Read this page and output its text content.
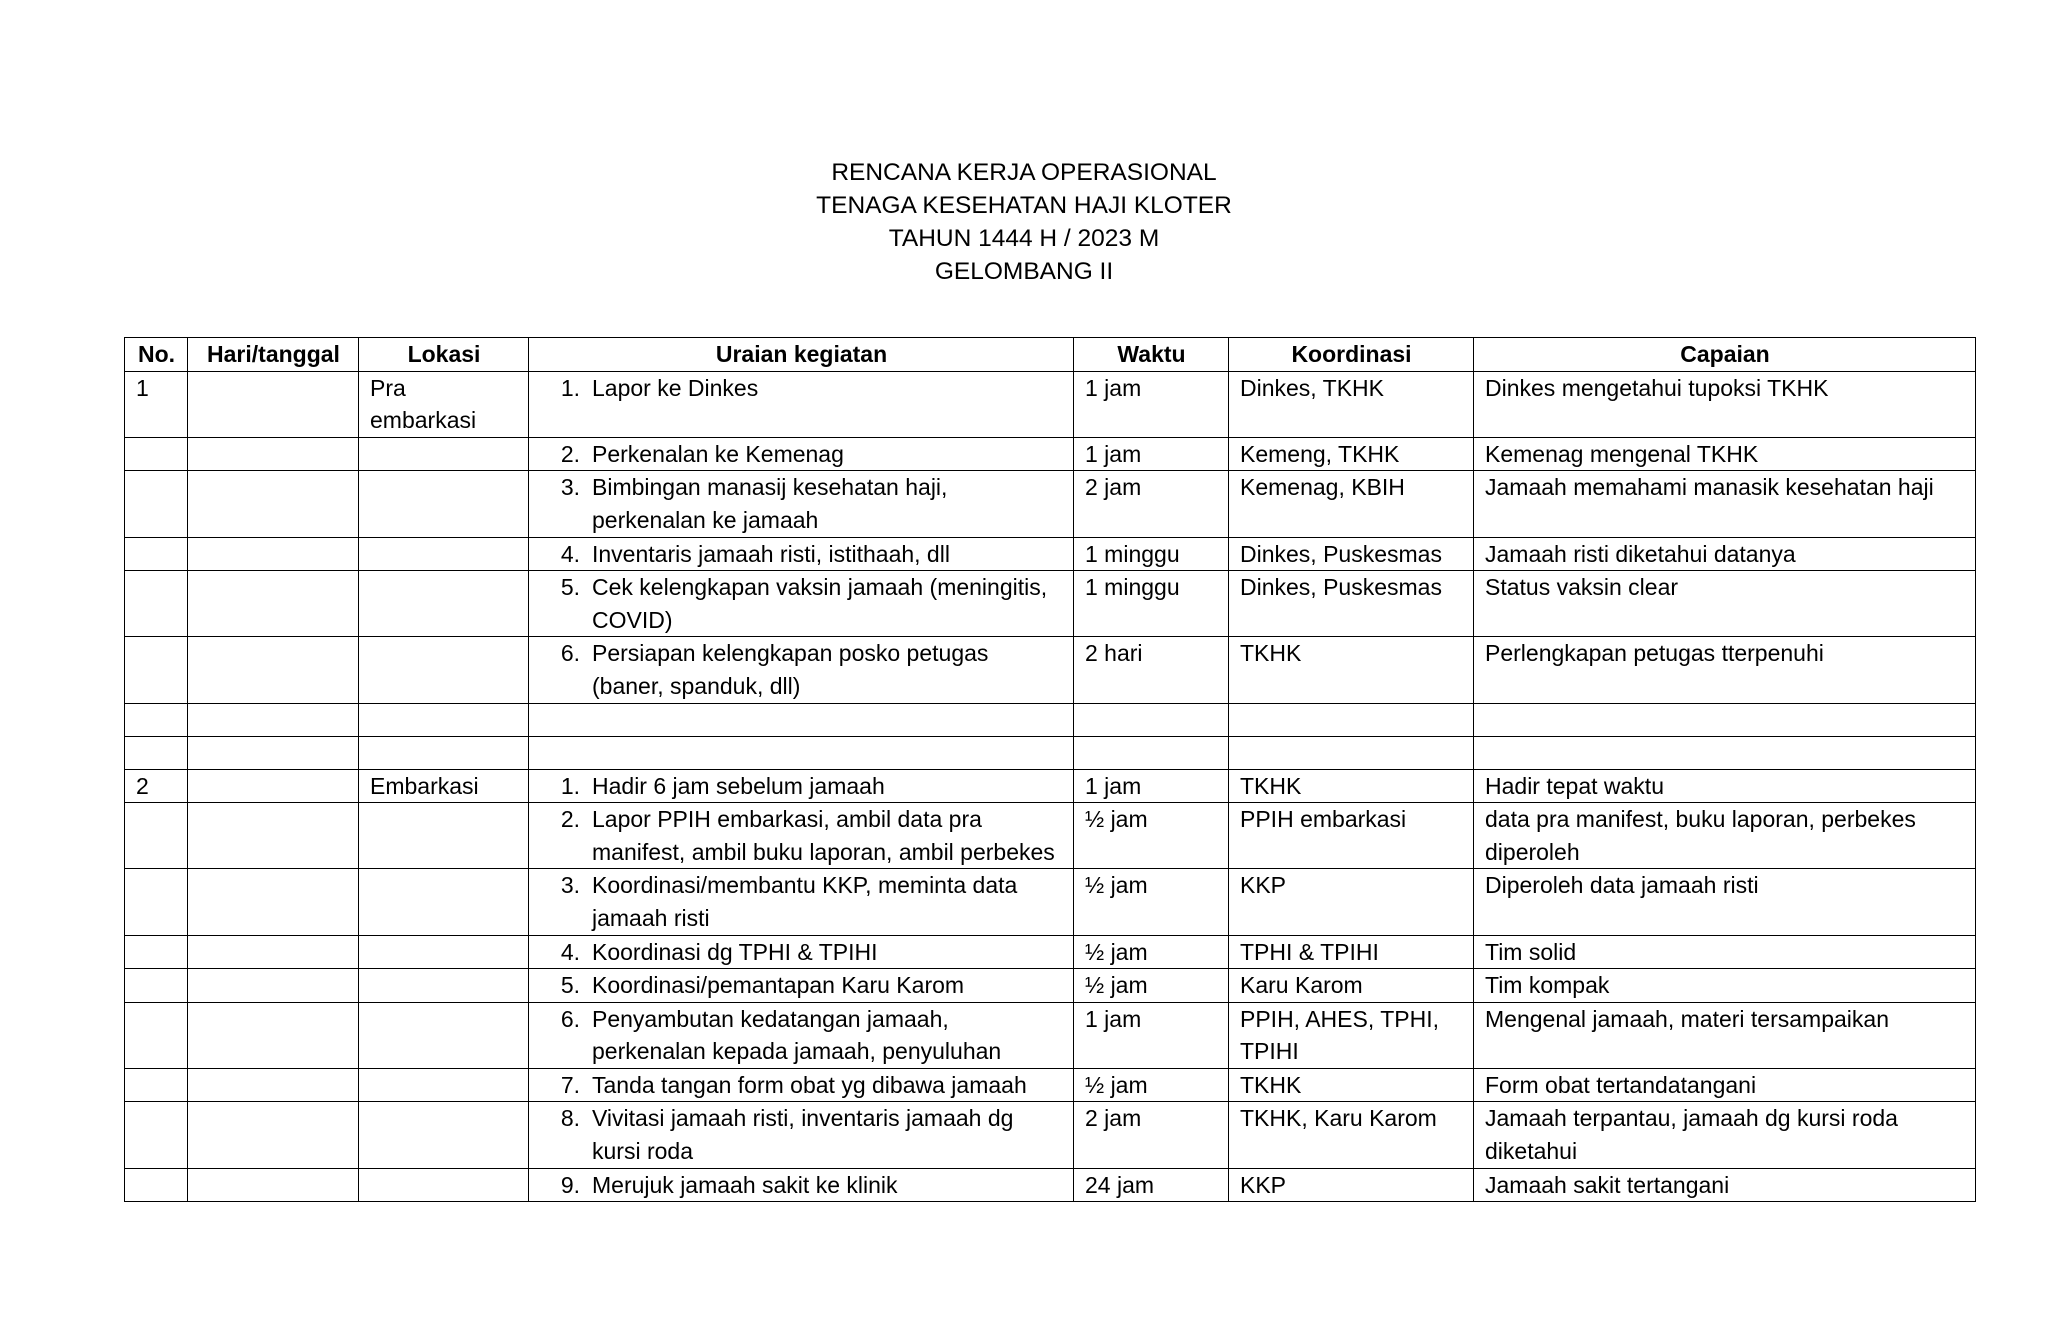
RENCANA KERJA OPERASIONAL
TENAGA KESEHATAN HAJI KLOTER
TAHUN 1444 H / 2023 M
GELOMBANG II
No.	Hari/tanggal	Lokasi	Uraian kegiatan	Waktu	Koordinasi	Capaian
1		Pra embarkasi	1. Lapor ke Dinkes	1 jam	Dinkes, TKHK	Dinkes mengetahui tupoksi TKHK

			2. Perkenalan ke Kemenag	1 jam	Kemeng, TKHK	Kemenag mengenal TKHK

			3. Bimbingan manasij kesehatan haji, perkenalan ke jamaah	2 jam	Kemenag, KBIH	Jamaah memahami manasik kesehatan haji

			4. Inventaris jamaah risti, istithaah, dll	1 minggu	Dinkes, Puskesmas	Jamaah risti diketahui datanya

			5. Cek kelengkapan vaksin jamaah (meningitis, COVID)	1 minggu	Dinkes, Puskesmas	Status vaksin clear

			6. Persiapan kelengkapan posko petugas (baner, spanduk, dll)	2 hari	TKHK	Perlengkapan petugas tterpenuhi

2		Embarkasi	1. Hadir 6 jam sebelum jamaah	1 jam	TKHK	Hadir tepat waktu

			2. Lapor PPIH embarkasi, ambil data pra manifest, ambil buku laporan, ambil perbekes	½ jam	PPIH embarkasi	data pra manifest, buku laporan, perbekes diperoleh

			3. Koordinasi/membantu KKP, meminta data jamaah risti	½ jam	KKP	Diperoleh data jamaah risti

			4. Koordinasi dg TPHI & TPIHI	½ jam	TPHI & TPIHI	Tim solid

			5. Koordinasi/pemantapan Karu Karom	½ jam	Karu Karom	Tim kompak

			6. Penyambutan kedatangan jamaah, perkenalan kepada jamaah, penyuluhan	1 jam	PPIH, AHES, TPHI, TPIHI	Mengenal jamaah, materi tersampaikan

			7. Tanda tangan form obat yg dibawa jamaah	½ jam	TKHK	Form obat tertandatangani

			8. Vivitasi jamaah risti, inventaris jamaah dg kursi roda	2 jam	TKHK, Karu Karom	Jamaah terpantau, jamaah dg kursi roda diketahui

			9. Merujuk jamaah sakit ke klinik	24 jam	KKP	Jamaah sakit tertangani
